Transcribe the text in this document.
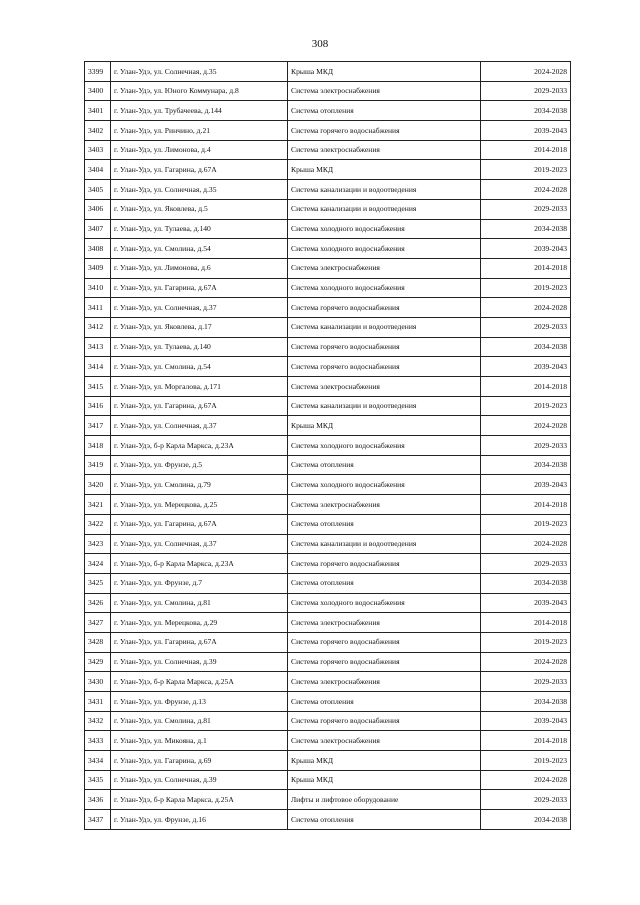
308
3399	г. Улан-Удэ, ул. Солнечная, д.35	Крыша МКД	2024-2028
3400	г. Улан-Удэ, ул. Юного Коммунара, д.8	Система электроснабжения	2029-2033
3401	г. Улан-Удэ, ул. Трубачеева, д.144	Система отопления	2034-2038
3402	г. Улан-Удэ, ул. Ринчино, д.21	Система горячего водоснабжения	2039-2043
3403	г. Улан-Удэ, ул. Лимонова, д.4	Система электроснабжения	2014-2018
3404	г. Улан-Удэ, ул. Гагарина, д.67А	Крыша МКД	2019-2023
3405	г. Улан-Удэ, ул. Солнечная, д.35	Система канализации и водоотведения	2024-2028
3406	г. Улан-Удэ, ул. Яковлева, д.5	Система канализации и водоотведения	2029-2033
3407	г. Улан-Удэ, ул. Тулаева, д.140	Система холодного водоснабжения	2034-2038
3408	г. Улан-Удэ, ул. Смолина, д.54	Система холодного водоснабжения	2039-2043
3409	г. Улан-Удэ, ул. Лимонова, д.6	Система электроснабжения	2014-2018
3410	г. Улан-Удэ, ул. Гагарина, д.67А	Система холодного водоснабжения	2019-2023
3411	г. Улан-Удэ, ул. Солнечная, д.37	Система горячего водоснабжения	2024-2028
3412	г. Улан-Удэ, ул. Яковлева, д.17	Система канализации и водоотведения	2029-2033
3413	г. Улан-Удэ, ул. Тулаева, д.140	Система горячего водоснабжения	2034-2038
3414	г. Улан-Удэ, ул. Смолина, д.54	Система горячего водоснабжения	2039-2043
3415	г. Улан-Удэ, ул. Моргалова, д.171	Система электроснабжения	2014-2018
3416	г. Улан-Удэ, ул. Гагарина, д.67А	Система канализации и водоотведения	2019-2023
3417	г. Улан-Удэ, ул. Солнечная, д.37	Крыша МКД	2024-2028
3418	г. Улан-Удэ, б-р Карла Маркса, д.23А	Система холодного водоснабжения	2029-2033
3419	г. Улан-Удэ, ул. Фрунзе, д.5	Система отопления	2034-2038
3420	г. Улан-Удэ, ул. Смолина, д.79	Система холодного водоснабжения	2039-2043
3421	г. Улан-Удэ, ул. Мерецкова, д.25	Система электроснабжения	2014-2018
3422	г. Улан-Удэ, ул. Гагарина, д.67А	Система отопления	2019-2023
3423	г. Улан-Удэ, ул. Солнечная, д.37	Система канализации и водоотведения	2024-2028
3424	г. Улан-Удэ, б-р Карла Маркса, д.23А	Система горячего водоснабжения	2029-2033
3425	г. Улан-Удэ, ул. Фрунзе, д.7	Система отопления	2034-2038
3426	г. Улан-Удэ, ул. Смолина, д.81	Система холодного водоснабжения	2039-2043
3427	г. Улан-Удэ, ул. Мерецкова, д.29	Система электроснабжения	2014-2018
3428	г. Улан-Удэ, ул. Гагарина, д.67А	Система горячего водоснабжения	2019-2023
3429	г. Улан-Удэ, ул. Солнечная, д.39	Система горячего водоснабжения	2024-2028
3430	г. Улан-Удэ, б-р Карла Маркса, д.25А	Система электроснабжения	2029-2033
3431	г. Улан-Удэ, ул. Фрунзе, д.13	Система отопления	2034-2038
3432	г. Улан-Удэ, ул. Смолина, д.81	Система горячего водоснабжения	2039-2043
3433	г. Улан-Удэ, ул. Микояна, д.1	Система электроснабжения	2014-2018
3434	г. Улан-Удэ, ул. Гагарина, д.69	Крыша МКД	2019-2023
3435	г. Улан-Удэ, ул. Солнечная, д.39	Крыша МКД	2024-2028
3436	г. Улан-Удэ, б-р Карла Маркса, д.25А	Лифты и лифтовое оборудование	2029-2033
3437	г. Улан-Удэ, ул. Фрунзе, д.16	Система отопления	2034-2038
